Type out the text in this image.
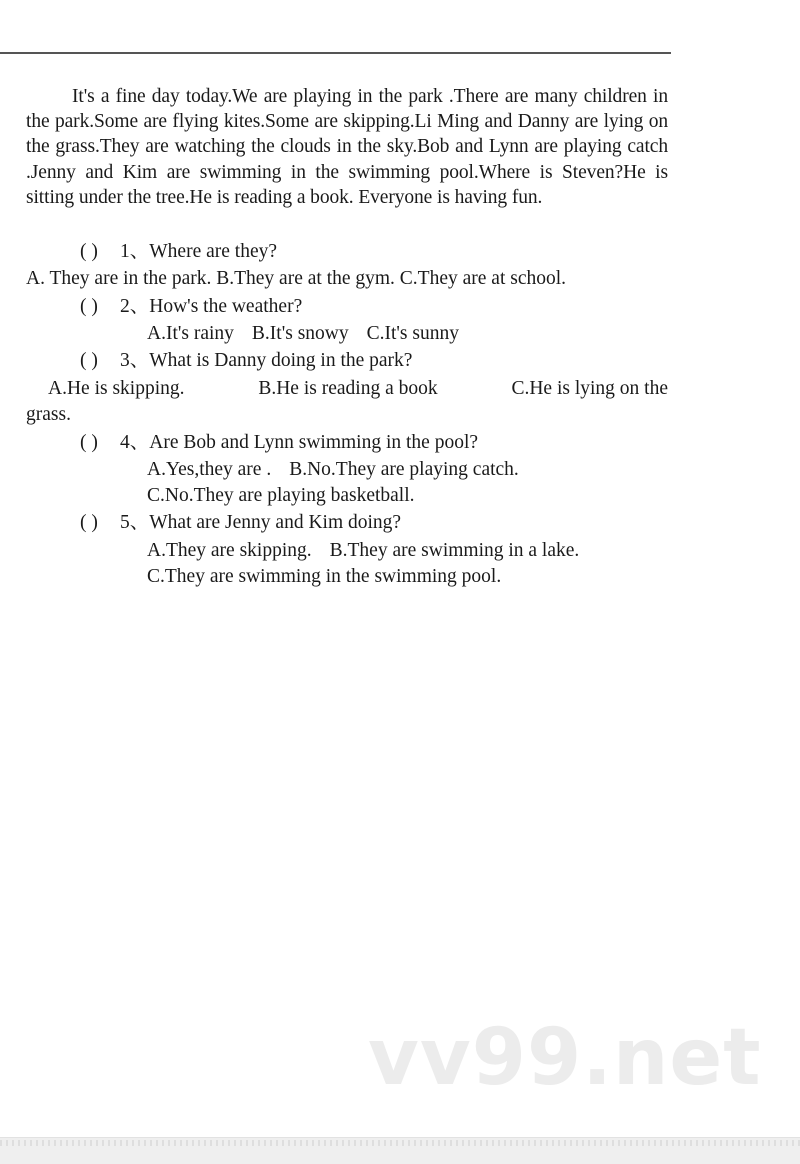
It's a fine day today.We are playing in the park .There are many children in the park.Some are flying kites.Some are skipping.Li Ming and Danny are lying on the grass.They are watching the clouds in the sky.Bob and Lynn are playing catch .Jenny and Kim are swimming in the swimming pool.Where is Steven?He is sitting under the tree.He is reading a book. Everyone is having fun.
( ) 1、Where are they?
A. They are in the park. B.They are at the gym. C.They are at school.
( ) 2、How's the weather?
A.It's rainy B.It's snowy C.It's sunny
( ) 3、What is Danny doing in the park?
A.He is skipping.	B.He is reading a book	C.He is lying on the
grass.
( ) 4、Are Bob and Lynn swimming in the pool?
A.Yes,they are . B.No.They are playing catch.
C.No.They are playing basketball.
( ) 5、What are Jenny and Kim doing?
A.They are skipping. B.They are swimming in a lake.
C.They are swimming in the swimming pool.
vv99.net
